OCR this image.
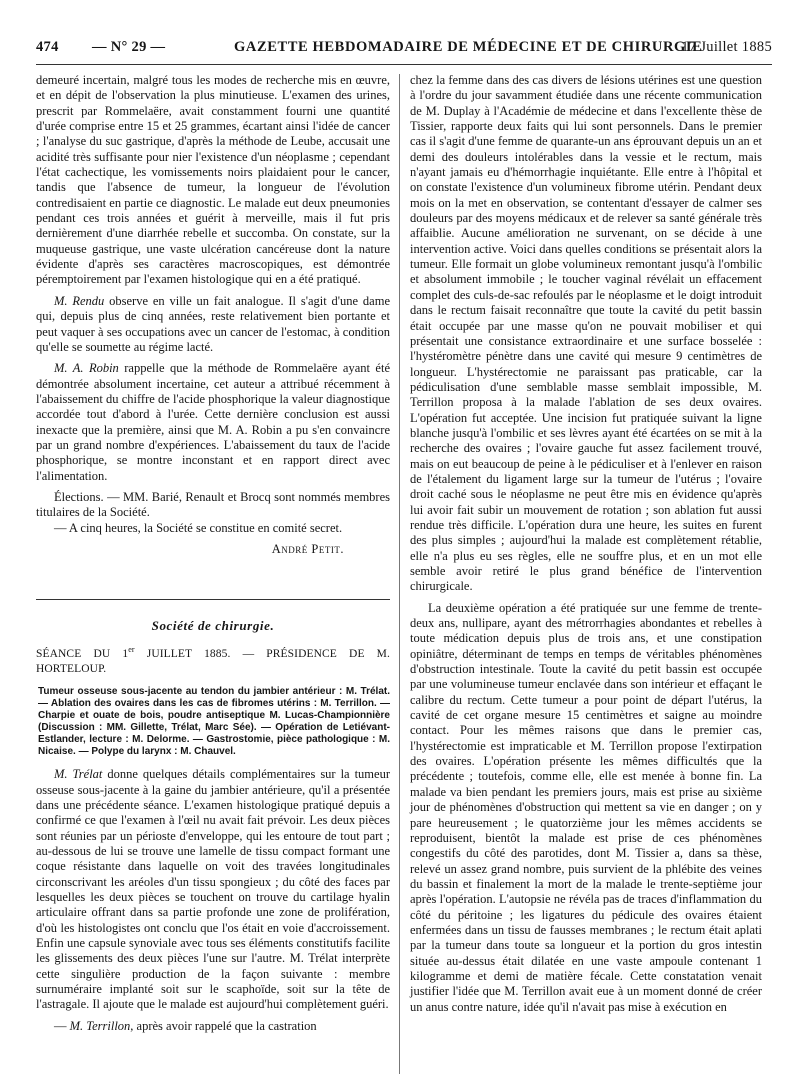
474 — N° 29 —	GAZETTE HEBDOMADAIRE DE MÉDECINE ET DE CHIRURGIE
17 Juillet 1885

demeuré incertain, malgré tous les modes de recherche mis en œuvre, et en dépit de l'observation la plus minutieuse. L'examen des urines, prescrit par Rommelaëre, avait constamment fourni une quantité d'urée comprise entre 15 et 25 grammes, écartant ainsi l'idée de cancer ; l'analyse du suc gastrique, d'après la méthode de Leube, accusait une acidité très suffisante pour nier l'existence d'un néoplasme ; cependant l'état cachectique, les vomissements noirs plaidaient pour le cancer, tandis que l'absence de tumeur, la longueur de l'évolution contredisaient en partie ce diagnostic. Le malade eut deux pneumonies pendant ces trois années et guérit à merveille, mais il fut pris dernièrement d'une diarrhée rebelle et succomba. On constate, sur la muqueuse gastrique, une vaste ulcération cancéreuse dont la nature évidente d'après ses caractères macroscopiques, est démontrée péremptoirement par l'examen histologique qui en a été pratiqué.

M. Rendu observe en ville un fait analogue. Il s'agit d'une dame qui, depuis plus de cinq années, reste relativement bien portante et peut vaquer à ses occupations avec un cancer de l'estomac, à condition qu'elle se soumette au régime lacté.

M. A. Robin rappelle que la méthode de Rommelaëre ayant été démontrée absolument incertaine, cet auteur a attribué récemment à l'abaissement du chiffre de l'acide phosphorique la valeur diagnostique accordée tout d'abord à l'urée. Cette dernière conclusion est aussi inexacte que la première, ainsi que M. A. Robin a pu s'en convaincre par un grand nombre d'expériences. L'abaissement du taux de l'acide phosphorique, se montre inconstant et en rapport direct avec l'alimentation.

Élections. — MM. Barié, Renault et Brocq sont nommés membres titulaires de la Société.

— A cinq heures, la Société se constitue en comité secret.

André Petit.

Société de chirurgie.
SÉANCE DU 1er JUILLET 1885. — PRÉSIDENCE DE M. HORTELOUP.

Tumeur osseuse sous-jacente au tendon du jambier antérieur : M. Trélat. — Ablation des ovaires dans les cas de fibromes utérins : M. Terrillon. — Charpie et ouate de bois, poudre antiseptique M. Lucas-Championnière (Discussion : MM. Gillette, Trélat, Marc Sée). — Opération de Letiévant-Estlander, lecture : M. Delorme. — Gastrostomie, pièce pathologique : M. Nicaise. — Polype du larynx : M. Chauvel.

M. Trélat donne quelques détails complémentaires sur la tumeur osseuse sous-jacente à la gaine du jambier antérieure, qu'il a présentée dans une précédente séance. L'examen histologique pratiqué depuis a confirmé ce que l'examen à l'œil nu avait fait prévoir. Les deux pièces sont réunies par un périoste d'enveloppe, qui les entoure de tout part ; au-dessous de lui se trouve une lamelle de tissu compact formant une coque résistante dans laquelle on voit des travées longitudinales circonscrivant les aréoles d'un tissu spongieux ; du côté des faces par lesquelles les deux pièces se touchent on trouve du cartilage hyalin articulaire offrant dans sa partie profonde une zone de prolifération, d'où les histologistes ont conclu que l'os était en voie d'accroissement. Enfin une capsule synoviale avec tous ses éléments constitutifs facilite les glissements des deux pièces l'une sur l'autre. M. Trélat interprète cette singulière production de la façon suivante : membre surnuméraire implanté soit sur le scaphoïde, soit sur la tête de l'astragale. Il ajoute que le malade est aujourd'hui complètement guéri.

— M. Terrillon, après avoir rappelé que la castration

chez la femme dans des cas divers de lésions utérines est une question à l'ordre du jour savamment étudiée dans une récente communication de M. Duplay à l'Académie de médecine et dans l'excellente thèse de Tissier, rapporte deux faits qui lui sont personnels. Dans le premier cas il s'agit d'une femme de quarante-un ans éprouvant depuis un an et demi des douleurs intolérables dans la vessie et le rectum, mais n'ayant jamais eu d'hémorrhagie inquiétante. Elle entre à l'hôpital et on constate l'existence d'un volumineux fibrome utérin. Pendant deux mois on la met en observation, se contentant d'essayer de calmer ses douleurs par des moyens médicaux et de relever sa santé générale très affaiblie. Aucune amélioration ne survenant, on se décide à une intervention active. Voici dans quelles conditions se présentait alors la tumeur. Elle formait un globe volumineux remontant jusqu'à l'ombilic et absolument immobile ; le toucher vaginal révélait un effacement complet des culs-de-sac refoulés par le néoplasme et le doigt introduit dans le rectum faisait reconnaître que toute la cavité du petit bassin était occupée par une masse qu'on ne pouvait mobiliser et qui présentait une consistance extraordinaire et une surface bosselée : l'hystéromètre pénètre dans une cavité qui mesure 9 centimètres de longueur. L'hystérectomie ne paraissant pas praticable, car la pédiculisation d'une semblable masse semblait impossible, M. Terrillon proposa à la malade l'ablation de ses deux ovaires. L'opération fut acceptée. Une incision fut pratiquée suivant la ligne blanche jusqu'à l'ombilic et ses lèvres ayant été écartées on se mit à la recherche des ovaires ; l'ovaire gauche fut assez facilement trouvé, mais on eut beaucoup de peine à le pédiculiser et à l'enlever en raison de l'étalement du ligament large sur la tumeur de l'utérus ; l'ovaire droit caché sous le néoplasme ne peut être mis en évidence qu'après lui avoir fait subir un mouvement de rotation ; son ablation fut aussi rendue très difficile. L'opération dura une heure, les suites en furent des plus simples ; aujourd'hui la malade est complètement rétablie, elle n'a plus eu ses règles, elle ne souffre plus, et en un mot elle semble avoir retiré le plus grand bénéfice de l'intervention chirurgicale.

La deuxième opération a été pratiquée sur une femme de trente-deux ans, nullipare, ayant des métrorrhagies abondantes et rebelles à toute médication depuis plus de trois ans, et une constipation opiniâtre, déterminant de temps en temps de véritables phénomènes d'obstruction intestinale. Toute la cavité du petit bassin est occupée par une volumineuse tumeur enclavée dans son intérieur et effaçant le calibre du rectum. Cette tumeur a pour point de départ l'utérus, la cavité de cet organe mesure 15 centimètres et saigne au moindre contact. Pour les mêmes raisons que dans le premier cas, l'hystérectomie est impraticable et M. Terrillon propose l'extirpation des ovaires. L'opération présente les mêmes difficultés que la précédente ; toutefois, comme elle, elle est menée à bonne fin. La malade va bien pendant les premiers jours, mais est prise au sixième jour de phénomènes d'obstruction qui mettent sa vie en danger ; on y pare heureusement ; le quatorzième jour les mêmes accidents se reproduisent, bientôt la malade est prise de ces phénomènes congestifs du côté des parotides, dont M. Tissier a, dans sa thèse, relevé un assez grand nombre, puis survient de la phlébite des veines du bassin et finalement la mort de la malade le trente-septième jour après l'opération. L'autopsie ne révéla pas de traces d'inflammation du côté du péritoine ; les ligatures du pédicule des ovaires étaient enfermées dans un tissu de fausses membranes ; le rectum était aplati par la tumeur dans toute sa longueur et la portion du gros intestin située au-dessus était dilatée en une vaste ampoule contenant 1 kilogramme et demi de matière fécale. Cette constatation venait justifier l'idée que M. Terrillon avait eue à un moment donné de créer un anus contre nature, idée qu'il n'avait pas mise à exécution en
